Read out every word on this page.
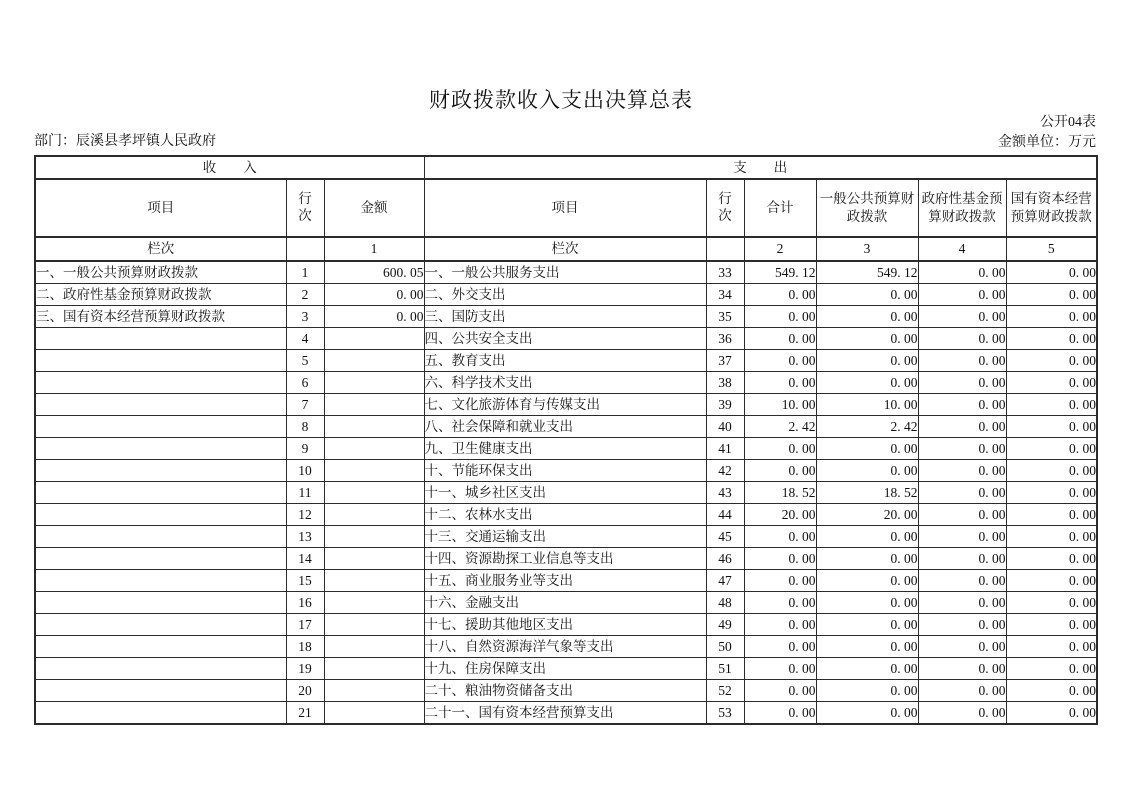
财政拨款收入支出决算总表
公开04表
部门：辰溪县孝坪镇人民政府	金额单位：万元
收　　入			支　　出					
项目	行次	金额	项目	行次	合计	一般公共预算财政拨款	政府性基金预算财政拨款	国有资本经营预算财政拨款
栏次		1	栏次		2	3	4	5
一、一般公共预算财政拨款	1	600. 05	一、一般公共服务支出	33	549. 12	549. 12	0. 00	0. 00
二、政府性基金预算财政拨款	2	0. 00	二、外交支出	34	0. 00	0. 00	0. 00	0. 00
三、国有资本经营预算财政拨款	3	0. 00	三、国防支出	35	0. 00	0. 00	0. 00	0. 00
	4		四、公共安全支出	36	0. 00	0. 00	0. 00	0. 00
	5		五、教育支出	37	0. 00	0. 00	0. 00	0. 00
	6		六、科学技术支出	38	0. 00	0. 00	0. 00	0. 00
	7		七、文化旅游体育与传媒支出	39	10. 00	10. 00	0. 00	0. 00
	8		八、社会保障和就业支出	40	2. 42	2. 42	0. 00	0. 00
	9		九、卫生健康支出	41	0. 00	0. 00	0. 00	0. 00
	10		十、节能环保支出	42	0. 00	0. 00	0. 00	0. 00
	11		十一、城乡社区支出	43	18. 52	18. 52	0. 00	0. 00
	12		十二、农林水支出	44	20. 00	20. 00	0. 00	0. 00
	13		十三、交通运输支出	45	0. 00	0. 00	0. 00	0. 00
	14		十四、资源勘探工业信息等支出	46	0. 00	0. 00	0. 00	0. 00
	15		十五、商业服务业等支出	47	0. 00	0. 00	0. 00	0. 00
	16		十六、金融支出	48	0. 00	0. 00	0. 00	0. 00
	17		十七、援助其他地区支出	49	0. 00	0. 00	0. 00	0. 00
	18		十八、自然资源海洋气象等支出	50	0. 00	0. 00	0. 00	0. 00
	19		十九、住房保障支出	51	0. 00	0. 00	0. 00	0. 00
	20		二十、粮油物资储备支出	52	0. 00	0. 00	0. 00	0. 00
	21		二十一、国有资本经营预算支出	53	0. 00	0. 00	0. 00	0. 00
